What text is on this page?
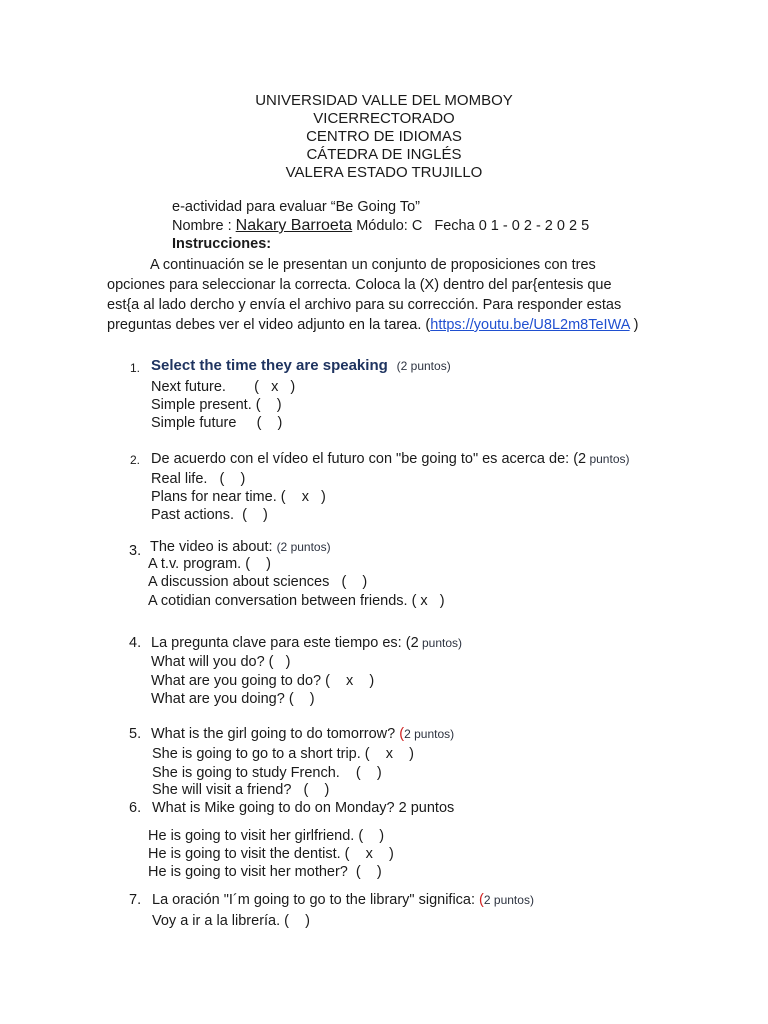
UNIVERSIDAD VALLE DEL MOMBOY
VICERRECTORADO
CENTRO DE IDIOMAS
CÁTEDRA DE INGLÉS
VALERA ESTADO TRUJILLO
e-actividad para evaluar “Be Going To”
Nombre : Nakary Barroeta Módulo: C Fecha 0 1 - 0 2 - 2 0 2 5
Instrucciones:
A continuación se le presentan un conjunto de proposiciones con tres
opciones para seleccionar la correcta. Coloca la (X) dentro del par{entesis que
est{a al lado dercho y envía el archivo para su corrección. Para responder estas
preguntas debes ver el video adjunto en la tarea. (https://youtu.be/U8L2m8TeIWA )
1. Select the time they are speaking (2 puntos)
Next future.       (   x   )
Simple present. (    )
Simple future     (    )
2. De acuerdo con el vídeo el futuro con "be going to" es acerca de: (2 puntos)
Real life.   (    )
Plans for near time. (    x   )
Past actions.  (    )
3. The video is about: (2 puntos)
A t.v. program. (    )
A discussion about sciences   (    )
A cotidian conversation between friends. ( x   )
4. La pregunta clave para este tiempo es: (2 puntos)
What will you do? (   )
What are you going to do? (    x    )
What are you doing? (    )
5. What is the girl going to do tomorrow? (2 puntos)
She is going to go to a short trip. (    x    )
She is going to study French.    (    )
She will visit a friend?   (    )
6. What is Mike going to do on Monday? 2 puntos
He is going to visit her girlfriend. (    )
He is going to visit the dentist. (    x    )
He is going to visit her mother?  (    )
7. La oración "I´m going to go to the library" significa: (2 puntos)
Voy a ir a la librería. (    )
